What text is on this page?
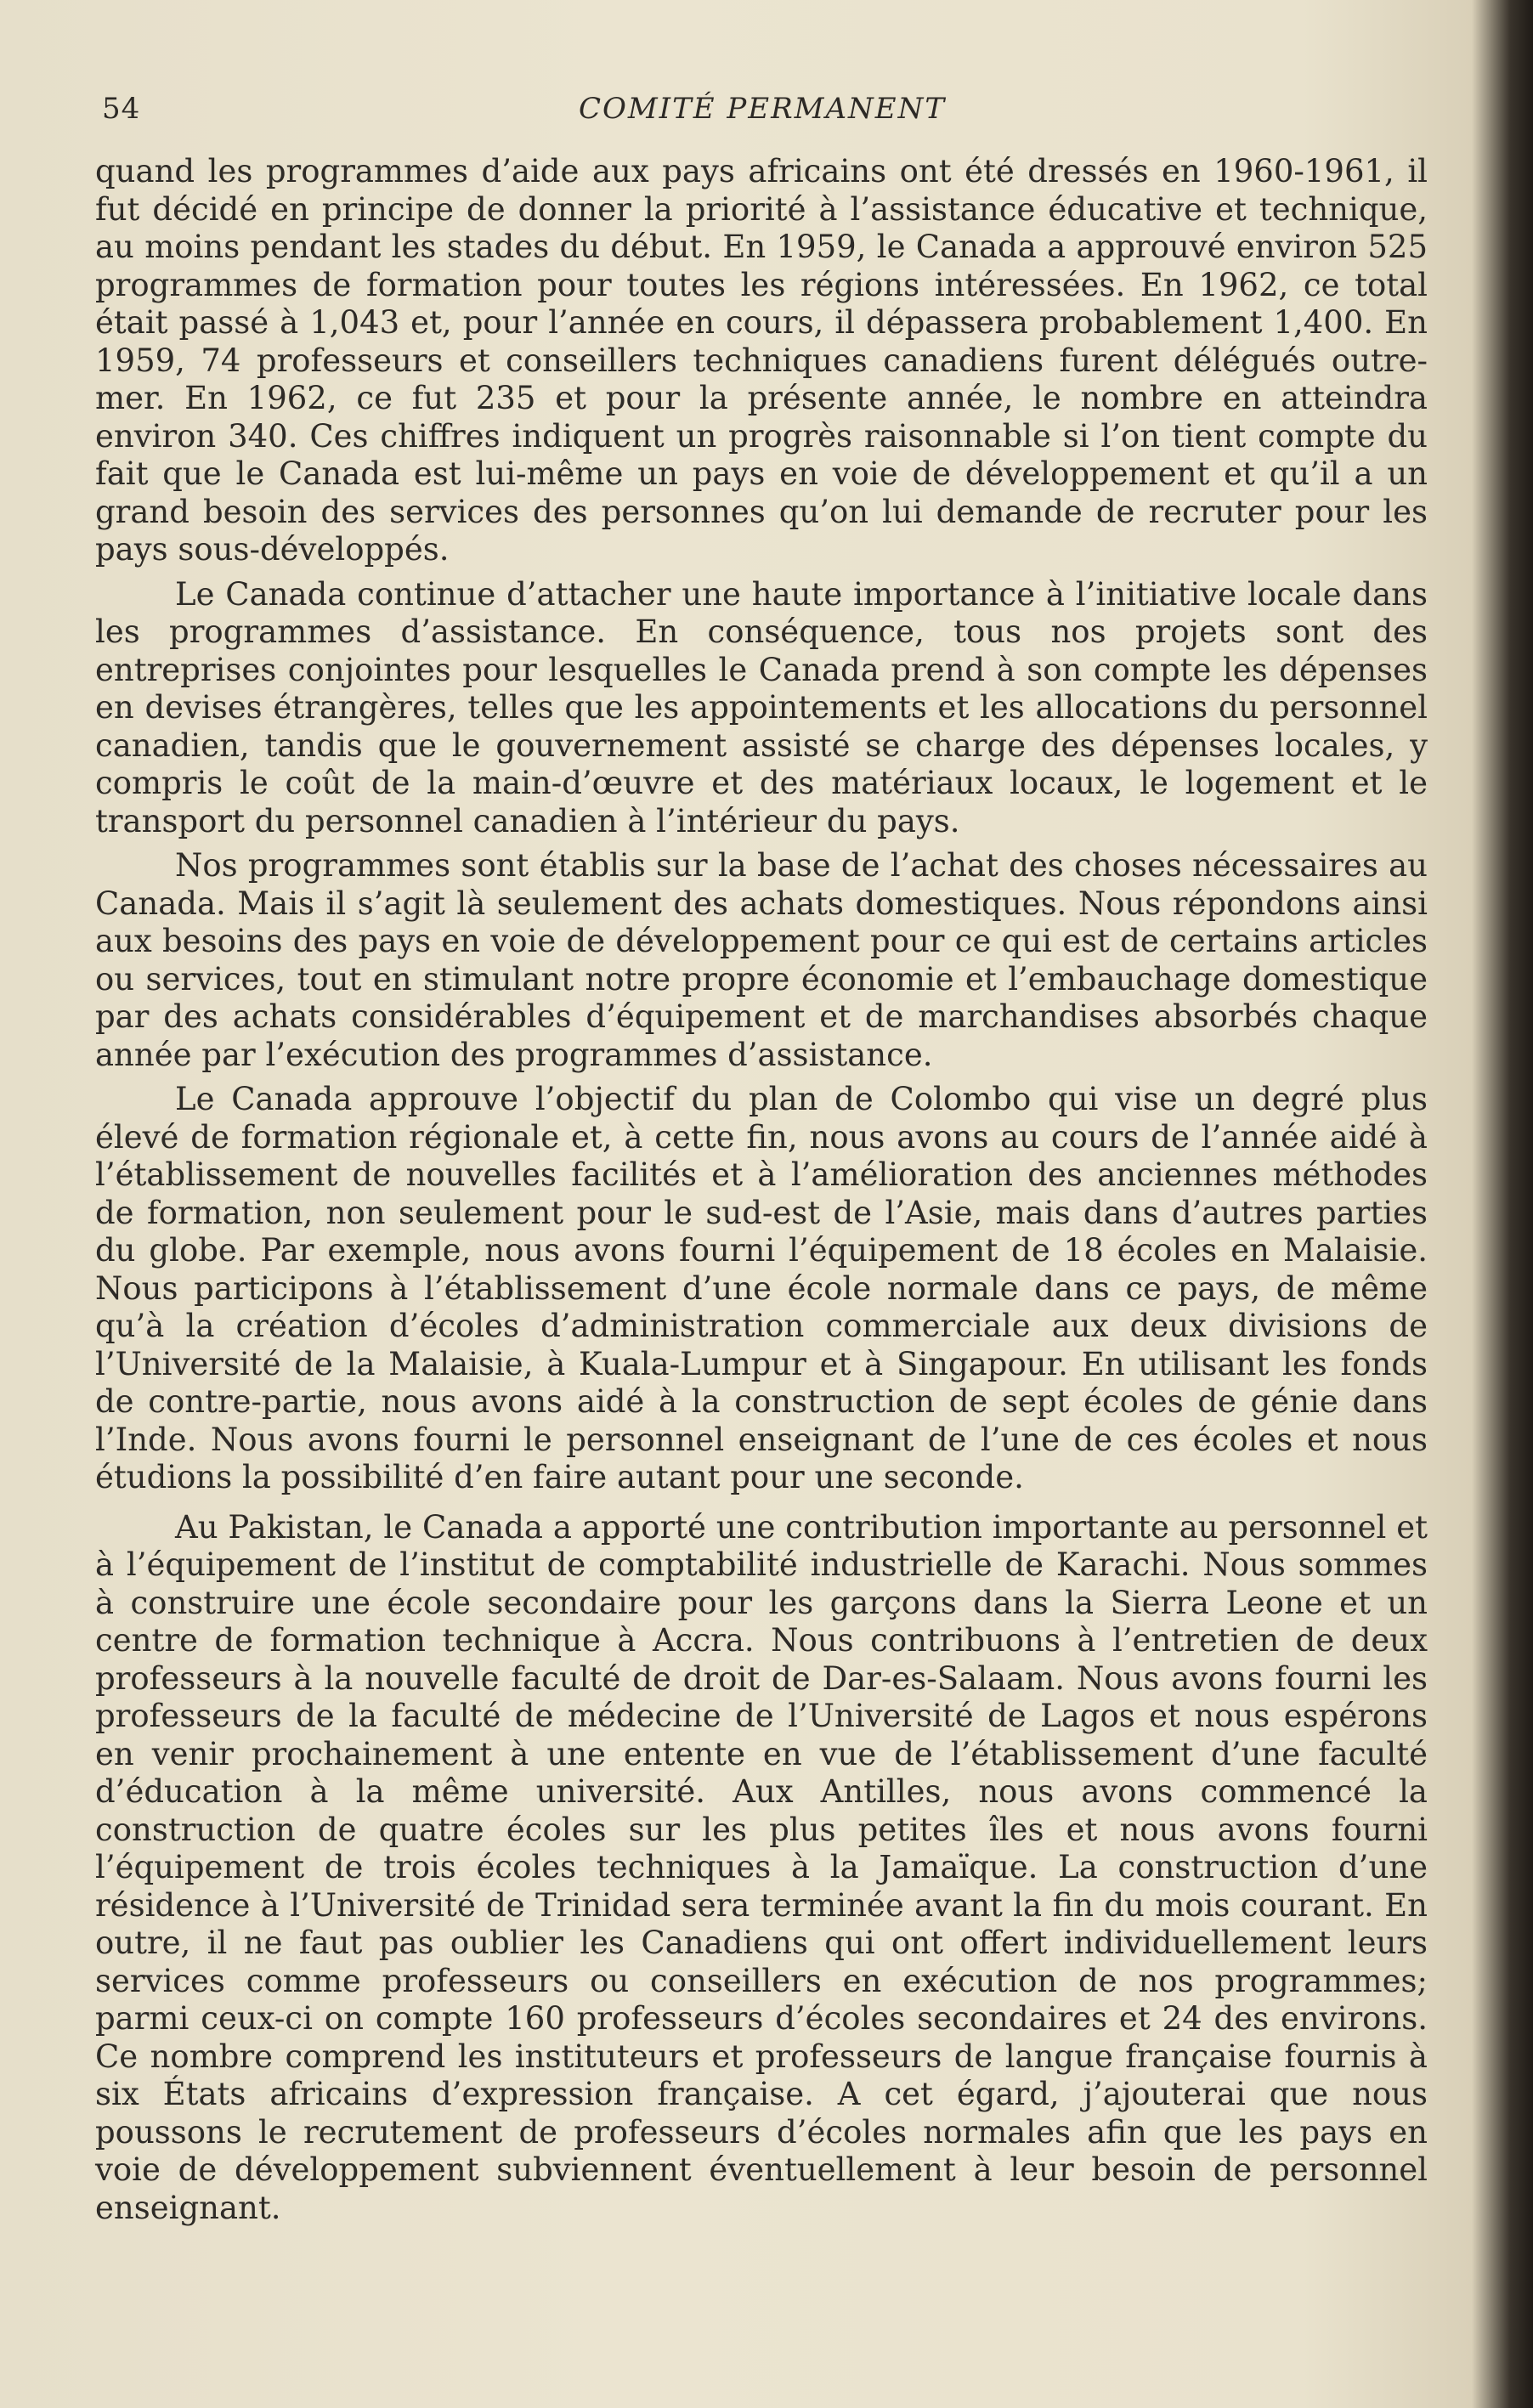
54	COMITÉ PERMANENT

quand les programmes d’aide aux pays africains ont été dressés en 1960-1961, il fut décidé en principe de donner la priorité à l’assistance éducative et technique, au moins pendant les stades du début. En 1959, le Canada a approuvé environ 525 programmes de formation pour toutes les régions intéressées. En 1962, ce total était passé à 1,043 et, pour l’année en cours, il dépassera probablement 1,400. En 1959, 74 professeurs et conseillers techniques canadiens furent délégués outre-mer. En 1962, ce fut 235 et pour la présente année, le nombre en atteindra environ 340. Ces chiffres indiquent un progrès raisonnable si l’on tient compte du fait que le Canada est lui-même un pays en voie de développement et qu’il a un grand besoin des services des personnes qu’on lui demande de recruter pour les pays sous-développés.

Le Canada continue d’attacher une haute importance à l’initiative locale dans les programmes d’assistance. En conséquence, tous nos projets sont des entreprises conjointes pour lesquelles le Canada prend à son compte les dépenses en devises étrangères, telles que les appointements et les allocations du personnel canadien, tandis que le gouvernement assisté se charge des dépenses locales, y compris le coût de la main-d’œuvre et des matériaux locaux, le logement et le transport du personnel canadien à l’intérieur du pays.

Nos programmes sont établis sur la base de l’achat des choses nécessaires au Canada. Mais il s’agit là seulement des achats domestiques. Nous répondons ainsi aux besoins des pays en voie de développement pour ce qui est de certains articles ou services, tout en stimulant notre propre économie et l’embauchage domestique par des achats considérables d’équipement et de marchandises absorbés chaque année par l’exécution des programmes d’assistance.

Le Canada approuve l’objectif du plan de Colombo qui vise un degré plus élevé de formation régionale et, à cette fin, nous avons au cours de l’année aidé à l’établissement de nouvelles facilités et à l’amélioration des anciennes méthodes de formation, non seulement pour le sud-est de l’Asie, mais dans d’autres parties du globe. Par exemple, nous avons fourni l’équipement de 18 écoles en Malaisie. Nous participons à l’établissement d’une école normale dans ce pays, de même qu’à la création d’écoles d’administration commerciale aux deux divisions de l’Université de la Malaisie, à Kuala-Lumpur et à Singapour. En utilisant les fonds de contre-partie, nous avons aidé à la construction de sept écoles de génie dans l’Inde. Nous avons fourni le personnel enseignant de l’une de ces écoles et nous étudions la possibilité d’en faire autant pour une seconde.

Au Pakistan, le Canada a apporté une contribution importante au personnel et à l’équipement de l’institut de comptabilité industrielle de Karachi. Nous sommes à construire une école secondaire pour les garçons dans la Sierra Leone et un centre de formation technique à Accra. Nous contribuons à l’entretien de deux professeurs à la nouvelle faculté de droit de Dar-es-Salaam. Nous avons fourni les professeurs de la faculté de médecine de l’Université de Lagos et nous espérons en venir prochainement à une entente en vue de l’établissement d’une faculté d’éducation à la même université. Aux Antilles, nous avons commencé la construction de quatre écoles sur les plus petites îles et nous avons fourni l’équipement de trois écoles techniques à la Jamaïque. La construction d’une résidence à l’Université de Trinidad sera terminée avant la fin du mois courant. En outre, il ne faut pas oublier les Canadiens qui ont offert individuellement leurs services comme professeurs ou conseillers en exécution de nos programmes; parmi ceux-ci on compte 160 professeurs d’écoles secondaires et 24 des environs. Ce nombre comprend les instituteurs et professeurs de langue française fournis à six États africains d’expression française. A cet égard, j’ajouterai que nous poussons le recrutement de professeurs d’écoles normales afin que les pays en voie de développement subviennent éventuellement à leur besoin de personnel enseignant.
